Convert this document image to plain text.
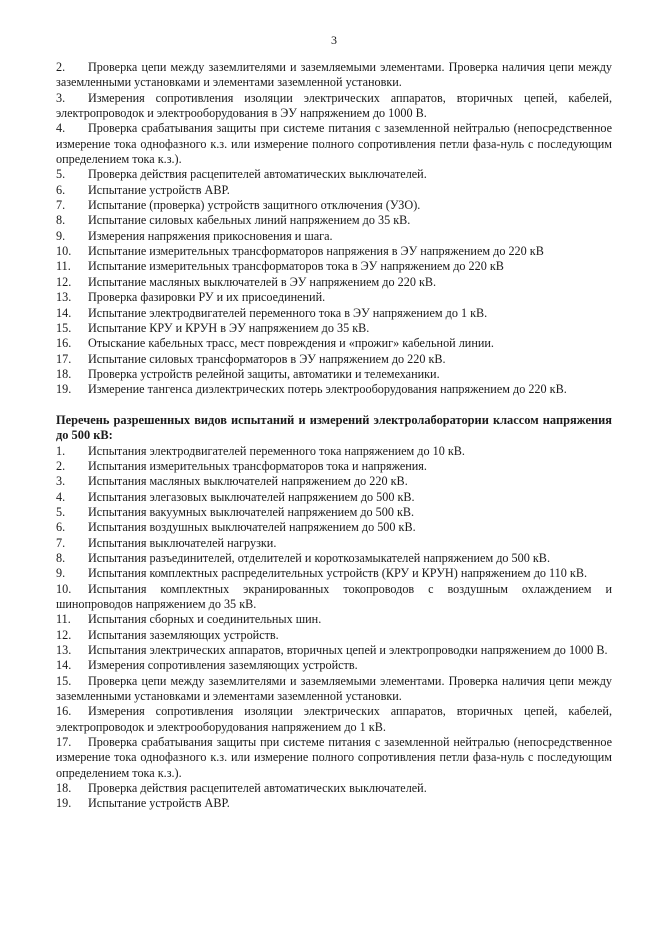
3

2. Проверка цепи между заземлителями и заземляемыми элементами. Проверка наличия цепи между заземленными установками и элементами заземленной установки.

3. Измерения сопротивления изоляции электрических аппаратов, вторичных цепей, кабелей, электропроводок и электрооборудования в ЭУ напряжением до 1000 В.

4. Проверка срабатывания защиты при системе питания с заземленной нейтралью (непосредственное измерение тока однофазного к.з. или измерение полного сопротивления петли фаза-нуль с последующим определением тока к.з.).

5. Проверка действия расцепителей автоматических выключателей.

6. Испытание устройств АВР.

7. Испытание (проверка) устройств защитного отключения (УЗО).

8. Испытание силовых кабельных линий напряжением до 35 кВ.

9. Измерения напряжения прикосновения и шага.

10. Испытание измерительных трансформаторов напряжения в ЭУ напряжением до 220 кВ

11. Испытание измерительных трансформаторов тока в ЭУ напряжением до 220 кВ

12. Испытание масляных выключателей в ЭУ напряжением до 220 кВ.

13. Проверка фазировки РУ и их присоединений.

14. Испытание электродвигателей переменного тока в ЭУ напряжением до 1 кВ.

15. Испытание КРУ и КРУН в ЭУ напряжением до 35 кВ.

16. Отыскание кабельных трасс, мест повреждения и «прожиг» кабельной линии.

17. Испытание силовых трансформаторов в ЭУ напряжением до 220 кВ.

18. Проверка устройств релейной защиты, автоматики и телемеханики.

19. Измерение тангенса диэлектрических потерь электрооборудования напряжением до 220 кВ.

Перечень разрешенных видов испытаний и измерений электролаборатории классом напряжения до 500 кВ:

1. Испытания электродвигателей переменного тока напряжением до 10 кВ.

2. Испытания измерительных трансформаторов тока и напряжения.

3. Испытания масляных выключателей напряжением до 220 кВ.

4. Испытания элегазовых выключателей напряжением до 500 кВ.

5. Испытания вакуумных выключателей напряжением до 500 кВ.

6. Испытания воздушных выключателей напряжением до 500 кВ.

7. Испытания выключателей нагрузки.

8. Испытания разъединителей, отделителей и короткозамыкателей напряжением до 500 кВ.

9. Испытания комплектных распределительных устройств (КРУ и КРУН) напряжением до 110 кВ.

10. Испытания комплектных экранированных токопроводов с воздушным охлаждением и шинопроводов напряжением до 35 кВ.

11. Испытания сборных и соединительных шин.

12. Испытания заземляющих устройств.

13. Испытания электрических аппаратов, вторичных цепей и электропроводки напряжением до 1000 В.

14. Измерения сопротивления заземляющих устройств.

15. Проверка цепи между заземлителями и заземляемыми элементами. Проверка наличия цепи между заземленными установками и элементами заземленной установки.

16. Измерения сопротивления изоляции электрических аппаратов, вторичных цепей, кабелей, электропроводок и электрооборудования напряжением до 1 кВ.

17. Проверка срабатывания защиты при системе питания с заземленной нейтралью (непосредственное измерение тока однофазного к.з. или измерение полного сопротивления петли фаза-нуль с последующим определением тока к.з.).

18. Проверка действия расцепителей автоматических выключателей.

19. Испытание устройств АВР.
